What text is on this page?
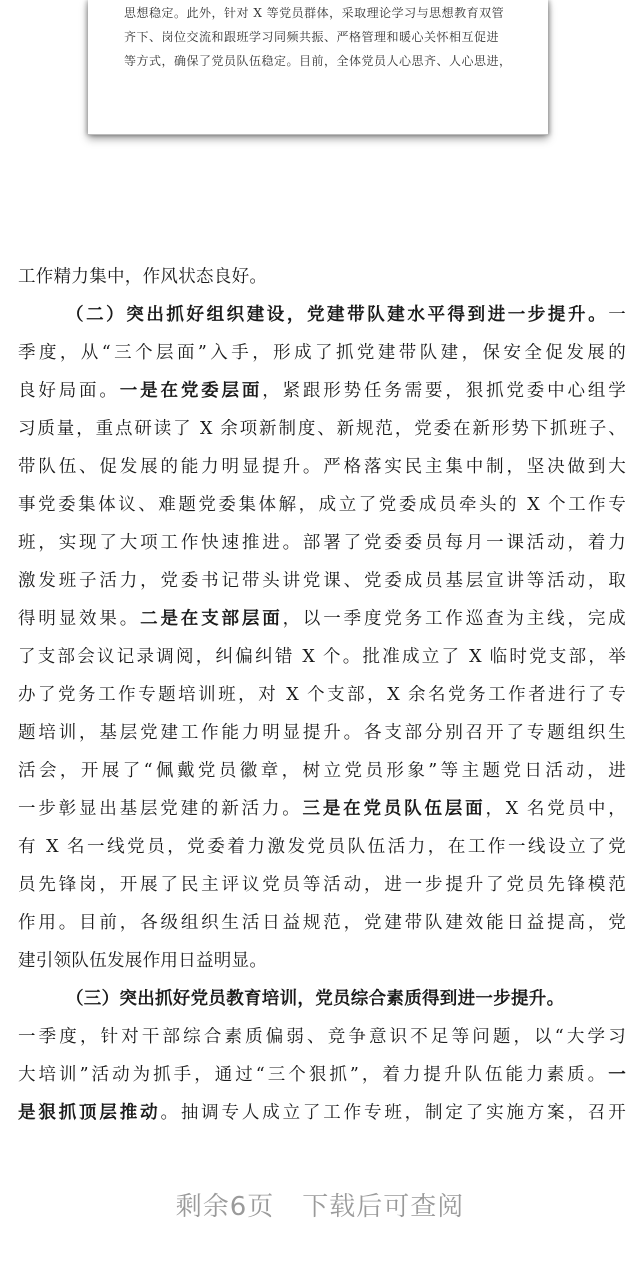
思想稳定。此外，针对 X 等党员群体，采取理论学习与思想教育双管
齐下、岗位交流和跟班学习同频共振、严格管理和暖心关怀相互促进
等方式，确保了党员队伍稳定。目前，全体党员人心思齐、人心思进，
工作精力集中，作风状态良好。
（二）突出抓好组织建设，党建带队建水平得到进一步提升。一
季度，从“三个层面”入手，形成了抓党建带队建，保安全促发展的
良好局面。一是在党委层面，紧跟形势任务需要，狠抓党委中心组学
习质量，重点研读了 X 余项新制度、新规范，党委在新形势下抓班子、
带队伍、促发展的能力明显提升。严格落实民主集中制，坚决做到大
事党委集体议、难题党委集体解，成立了党委成员牵头的 X 个工作专
班，实现了大项工作快速推进。部署了党委委员每月一课活动，着力
激发班子活力，党委书记带头讲党课、党委成员基层宣讲等活动，取
得明显效果。二是在支部层面，以一季度党务工作巡查为主线，完成
了支部会议记录调阅，纠偏纠错 X 个。批准成立了 X 临时党支部，举
办了党务工作专题培训班，对 X 个支部，X 余名党务工作者进行了专
题培训，基层党建工作能力明显提升。各支部分别召开了专题组织生
活会，开展了“佩戴党员徽章，树立党员形象”等主题党日活动，进
一步彰显出基层党建的新活力。三是在党员队伍层面，X 名党员中，
有 X 名一线党员，党委着力激发党员队伍活力，在工作一线设立了党
员先锋岗，开展了民主评议党员等活动，进一步提升了党员先锋模范
作用。目前，各级组织生活日益规范，党建带队建效能日益提高，党
建引领队伍发展作用日益明显。
（三）突出抓好党员教育培训，党员综合素质得到进一步提升。
一季度，针对干部综合素质偏弱、竞争意识不足等问题，以“大学习
大培训”活动为抓手，通过“三个狠抓”，着力提升队伍能力素质。一
是狠抓顶层推动。抽调专人成立了工作专班，制定了实施方案，召开
剩余6页 下载后可查阅
